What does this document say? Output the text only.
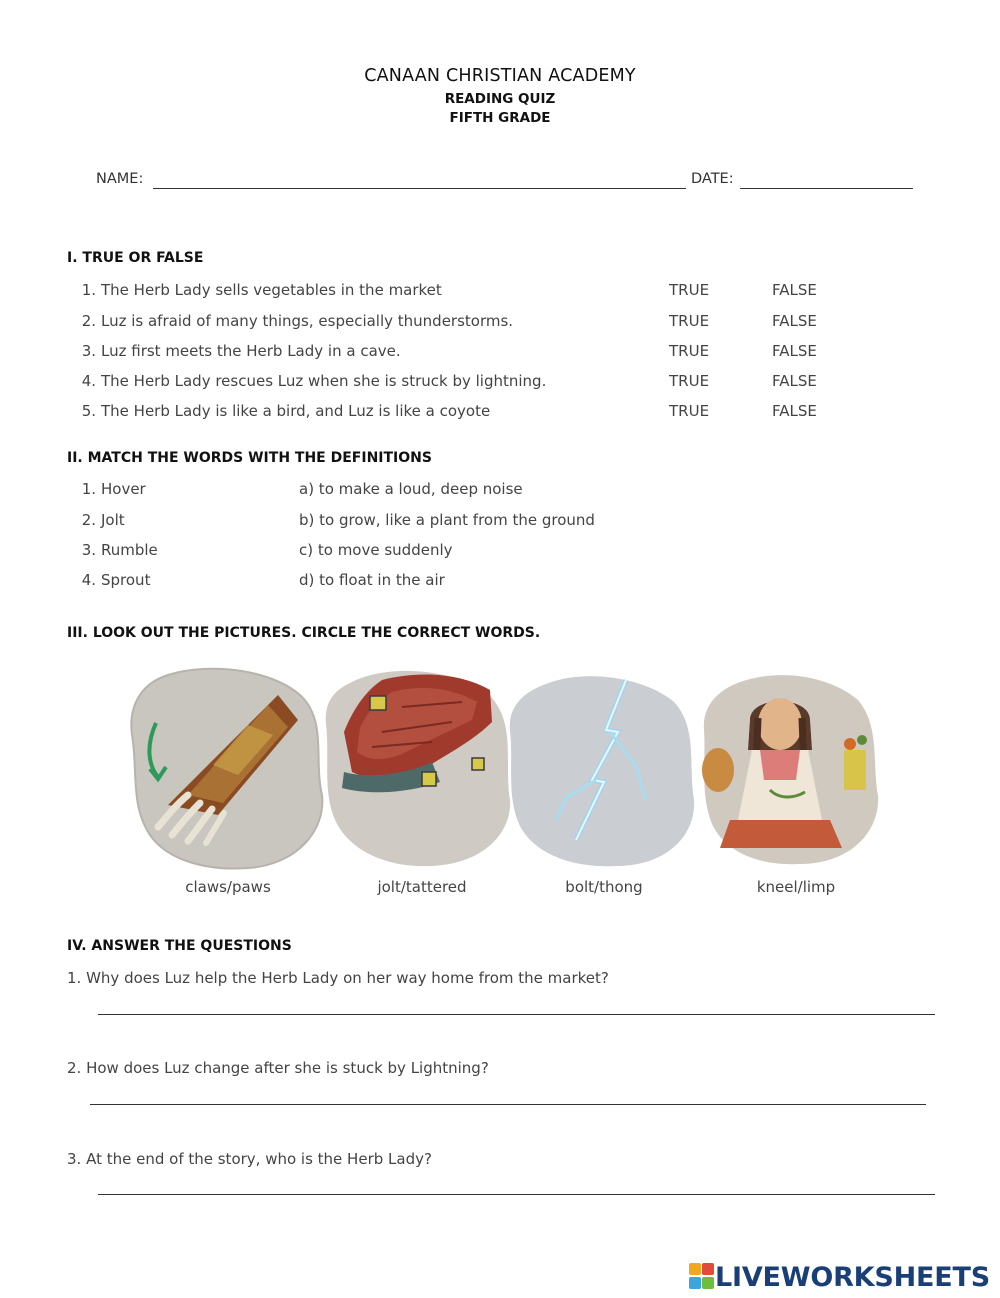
CANAAN CHRISTIAN ACADEMY
READING QUIZ
FIFTH GRADE
NAME:	DATE:
I. TRUE OR FALSE
1. The Herb Lady sells vegetables in the market	TRUE	FALSE
2. Luz is afraid of many things, especially thunderstorms.	TRUE	FALSE
3. Luz first meets the Herb Lady in a cave.	TRUE	FALSE
4. The Herb Lady rescues Luz when she is struck by lightning.	TRUE	FALSE
5. The Herb Lady is like a bird, and Luz is like a coyote	TRUE	FALSE
II. MATCH THE WORDS WITH THE DEFINITIONS
1. Hover	a) to make a loud, deep noise
2. Jolt	b) to grow, like a plant from the ground
3. Rumble	c) to move suddenly
4. Sprout	d) to float in the air
III. LOOK OUT THE PICTURES. CIRCLE THE CORRECT WORDS.
claws/paws	jolt/tattered	bolt/thong	kneel/limp
IV. ANSWER THE QUESTIONS
1. Why does Luz help the Herb Lady on her way home from the market?
2. How does Luz change after she is stuck by Lightning?
3. At the end of the story, who is the Herb Lady?
LIVEWORKSHEETS
